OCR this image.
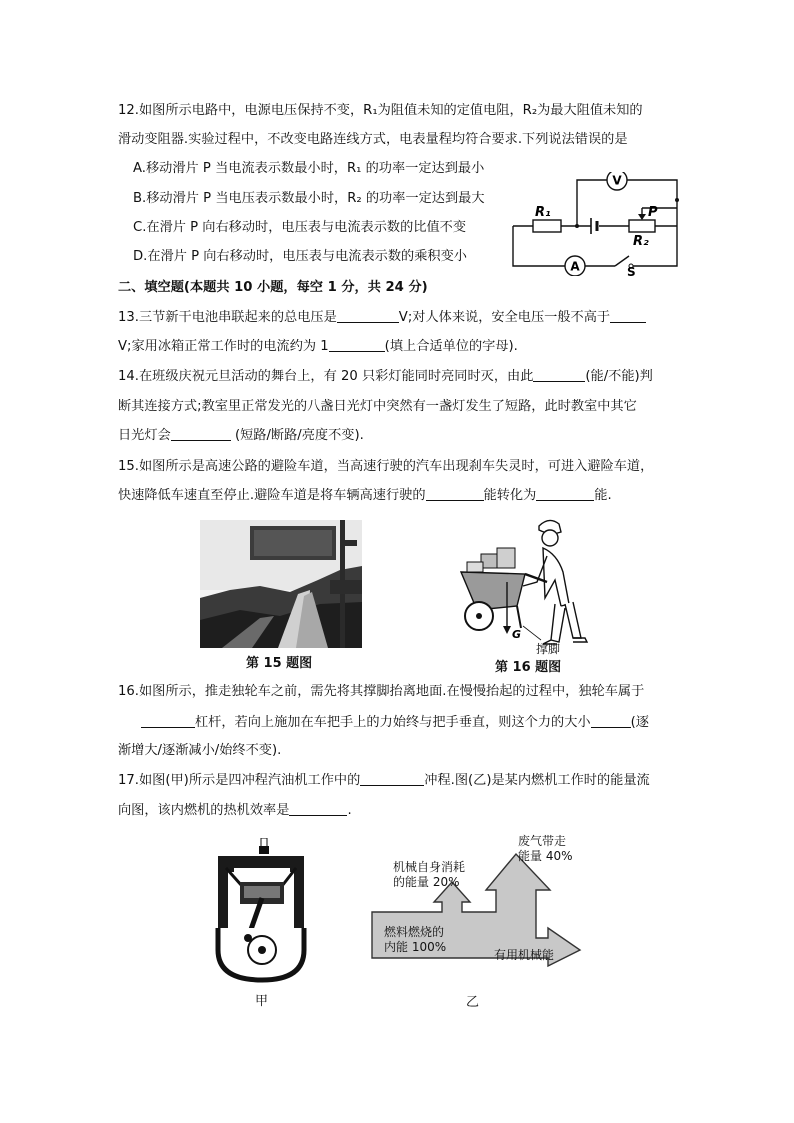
12.如图所示电路中，电源电压保持不变，R₁为阻值未知的定值电阻，R₂为最大阻值未知的
滑动变阻器.实验过程中，不改变电路连线方式，电表量程均符合要求.下列说法错误的是
A.移动滑片 P 当电流表示数最小时，R₁ 的功率一定达到最小
B.移动滑片 P 当电压表示数最小时，R₂ 的功率一定达到最大
C.在滑片 P 向右移动时，电压表与电流表示数的比值不变
D.在滑片 P 向右移动时，电压表与电流表示数的乘积变小
V
A
R₁
R₂
P
S
二、填空题(本题共 10 小题，每空 1 分，共 24 分)
13.三节新干电池串联起来的总电压是	V;对人体来说，安全电压一般不高于
V;家用冰箱正常工作时的电流约为 1	(填上合适单位的字母).
14.在班级庆祝元旦活动的舞台上，有 20 只彩灯能同时亮同时灭，由此	(能/不能)判
断其连接方式;教室里正常发光的八盏日光灯中突然有一盏灯发生了短路，此时教室中其它
日光灯会	(短路/断路/亮度不变).
15.如图所示是高速公路的避险车道，当高速行驶的汽车出现刹车失灵时，可进入避险车道，
快速降低车速直至停止.避险车道是将车辆高速行驶的	能转化为	能.
第 15 题图
G
撑脚
第 16 题图
16.如图所示，推走独轮车之前，需先将其撑脚抬离地面.在慢慢抬起的过程中，独轮车属于
杠杆，若向上施加在车把手上的力始终与把手垂直，则这个力的大小	(逐
渐增大/逐渐减小/始终不变).
17.如图(甲)所示是四冲程汽油机工作中的	冲程.图(乙)是某内燃机工作时的能量流
向图，该内燃机的热机效率是	.
甲
废气带走
能量 40%
机械自身消耗
的能量 20%
燃料燃烧的
内能 100%
有用机械能
乙
